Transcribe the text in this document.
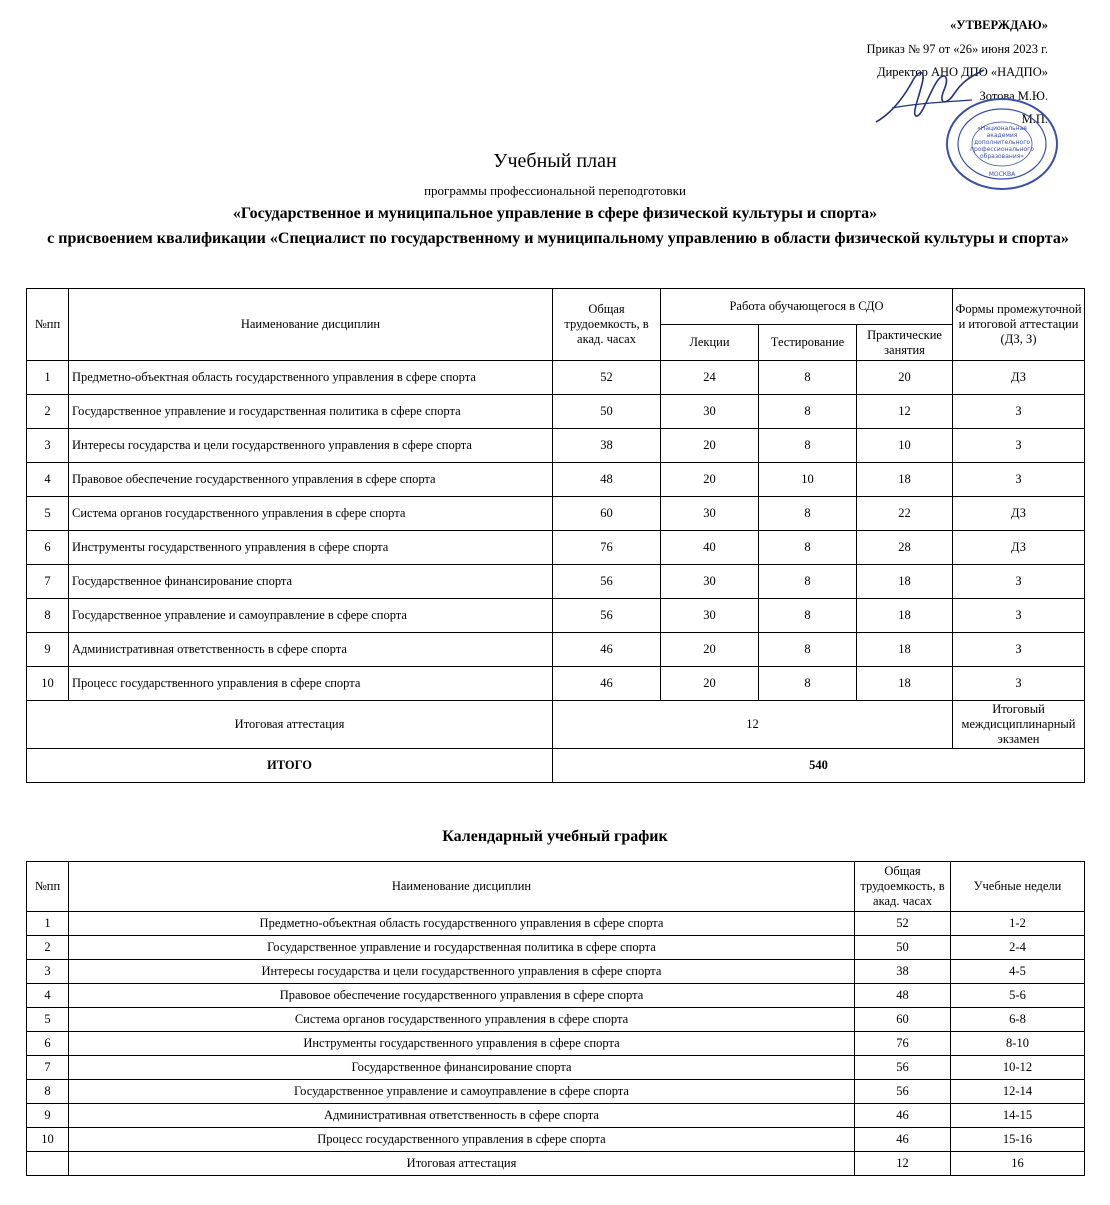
«УТВЕРЖДАЮ»
Приказ № 97 от «26» июня 2023 г.
Директор АНО ДПО «НАДПО»
Зотова М.Ю.
М.П.
«Национальная
академия
дополнительного
профессионального
образования»
МОСКВА
Учебный план
программы профессиональной переподготовки
«Государственное и муниципальное управление в сфере физической культуры и спорта»
с присвоением квалификации «Специалист по государственному и муниципальному управлению в области физической культуры и спорта»
№пп	Наименование дисциплин	Общая трудоемкость, в акад. часах	Работа обучающегося в СДО			Формы промежуточной и итоговой аттестации (ДЗ, З)
			Лекции	Тестирование	Практические занятия	
1	Предметно-объектная область государственного управления в сфере спорта	52	24	8	20	ДЗ
2	Государственное управление и государственная политика в сфере спорта	50	30	8	12	З
3	Интересы государства и цели государственного управления в сфере спорта	38	20	8	10	З
4	Правовое обеспечение государственного управления в сфере спорта	48	20	10	18	З
5	Система органов государственного управления в сфере спорта	60	30	8	22	ДЗ
6	Инструменты государственного управления в сфере спорта	76	40	8	28	ДЗ
7	Государственное финансирование спорта	56	30	8	18	З
8	Государственное управление и самоуправление в сфере спорта	56	30	8	18	З
9	Административная ответственность в сфере спорта	46	20	8	18	З
10	Процесс государственного управления в сфере спорта	46	20	8	18	З
Итоговая аттестация		12				Итоговый междисциплинарный экзамен
ИТОГО		540				
Календарный учебный график
№пп	Наименование дисциплин	Общая трудоемкость, в акад. часах	Учебные недели
1	Предметно-объектная область государственного управления в сфере спорта	52	1-2
2	Государственное управление и государственная политика в сфере спорта	50	2-4
3	Интересы государства и цели государственного управления в сфере спорта	38	4-5
4	Правовое обеспечение государственного управления в сфере спорта	48	5-6
5	Система органов государственного управления в сфере спорта	60	6-8
6	Инструменты государственного управления в сфере спорта	76	8-10
7	Государственное финансирование спорта	56	10-12
8	Государственное управление и самоуправление в сфере спорта	56	12-14
9	Административная ответственность в сфере спорта	46	14-15
10	Процесс государственного управления в сфере спорта	46	15-16
	Итоговая аттестация	12	16
